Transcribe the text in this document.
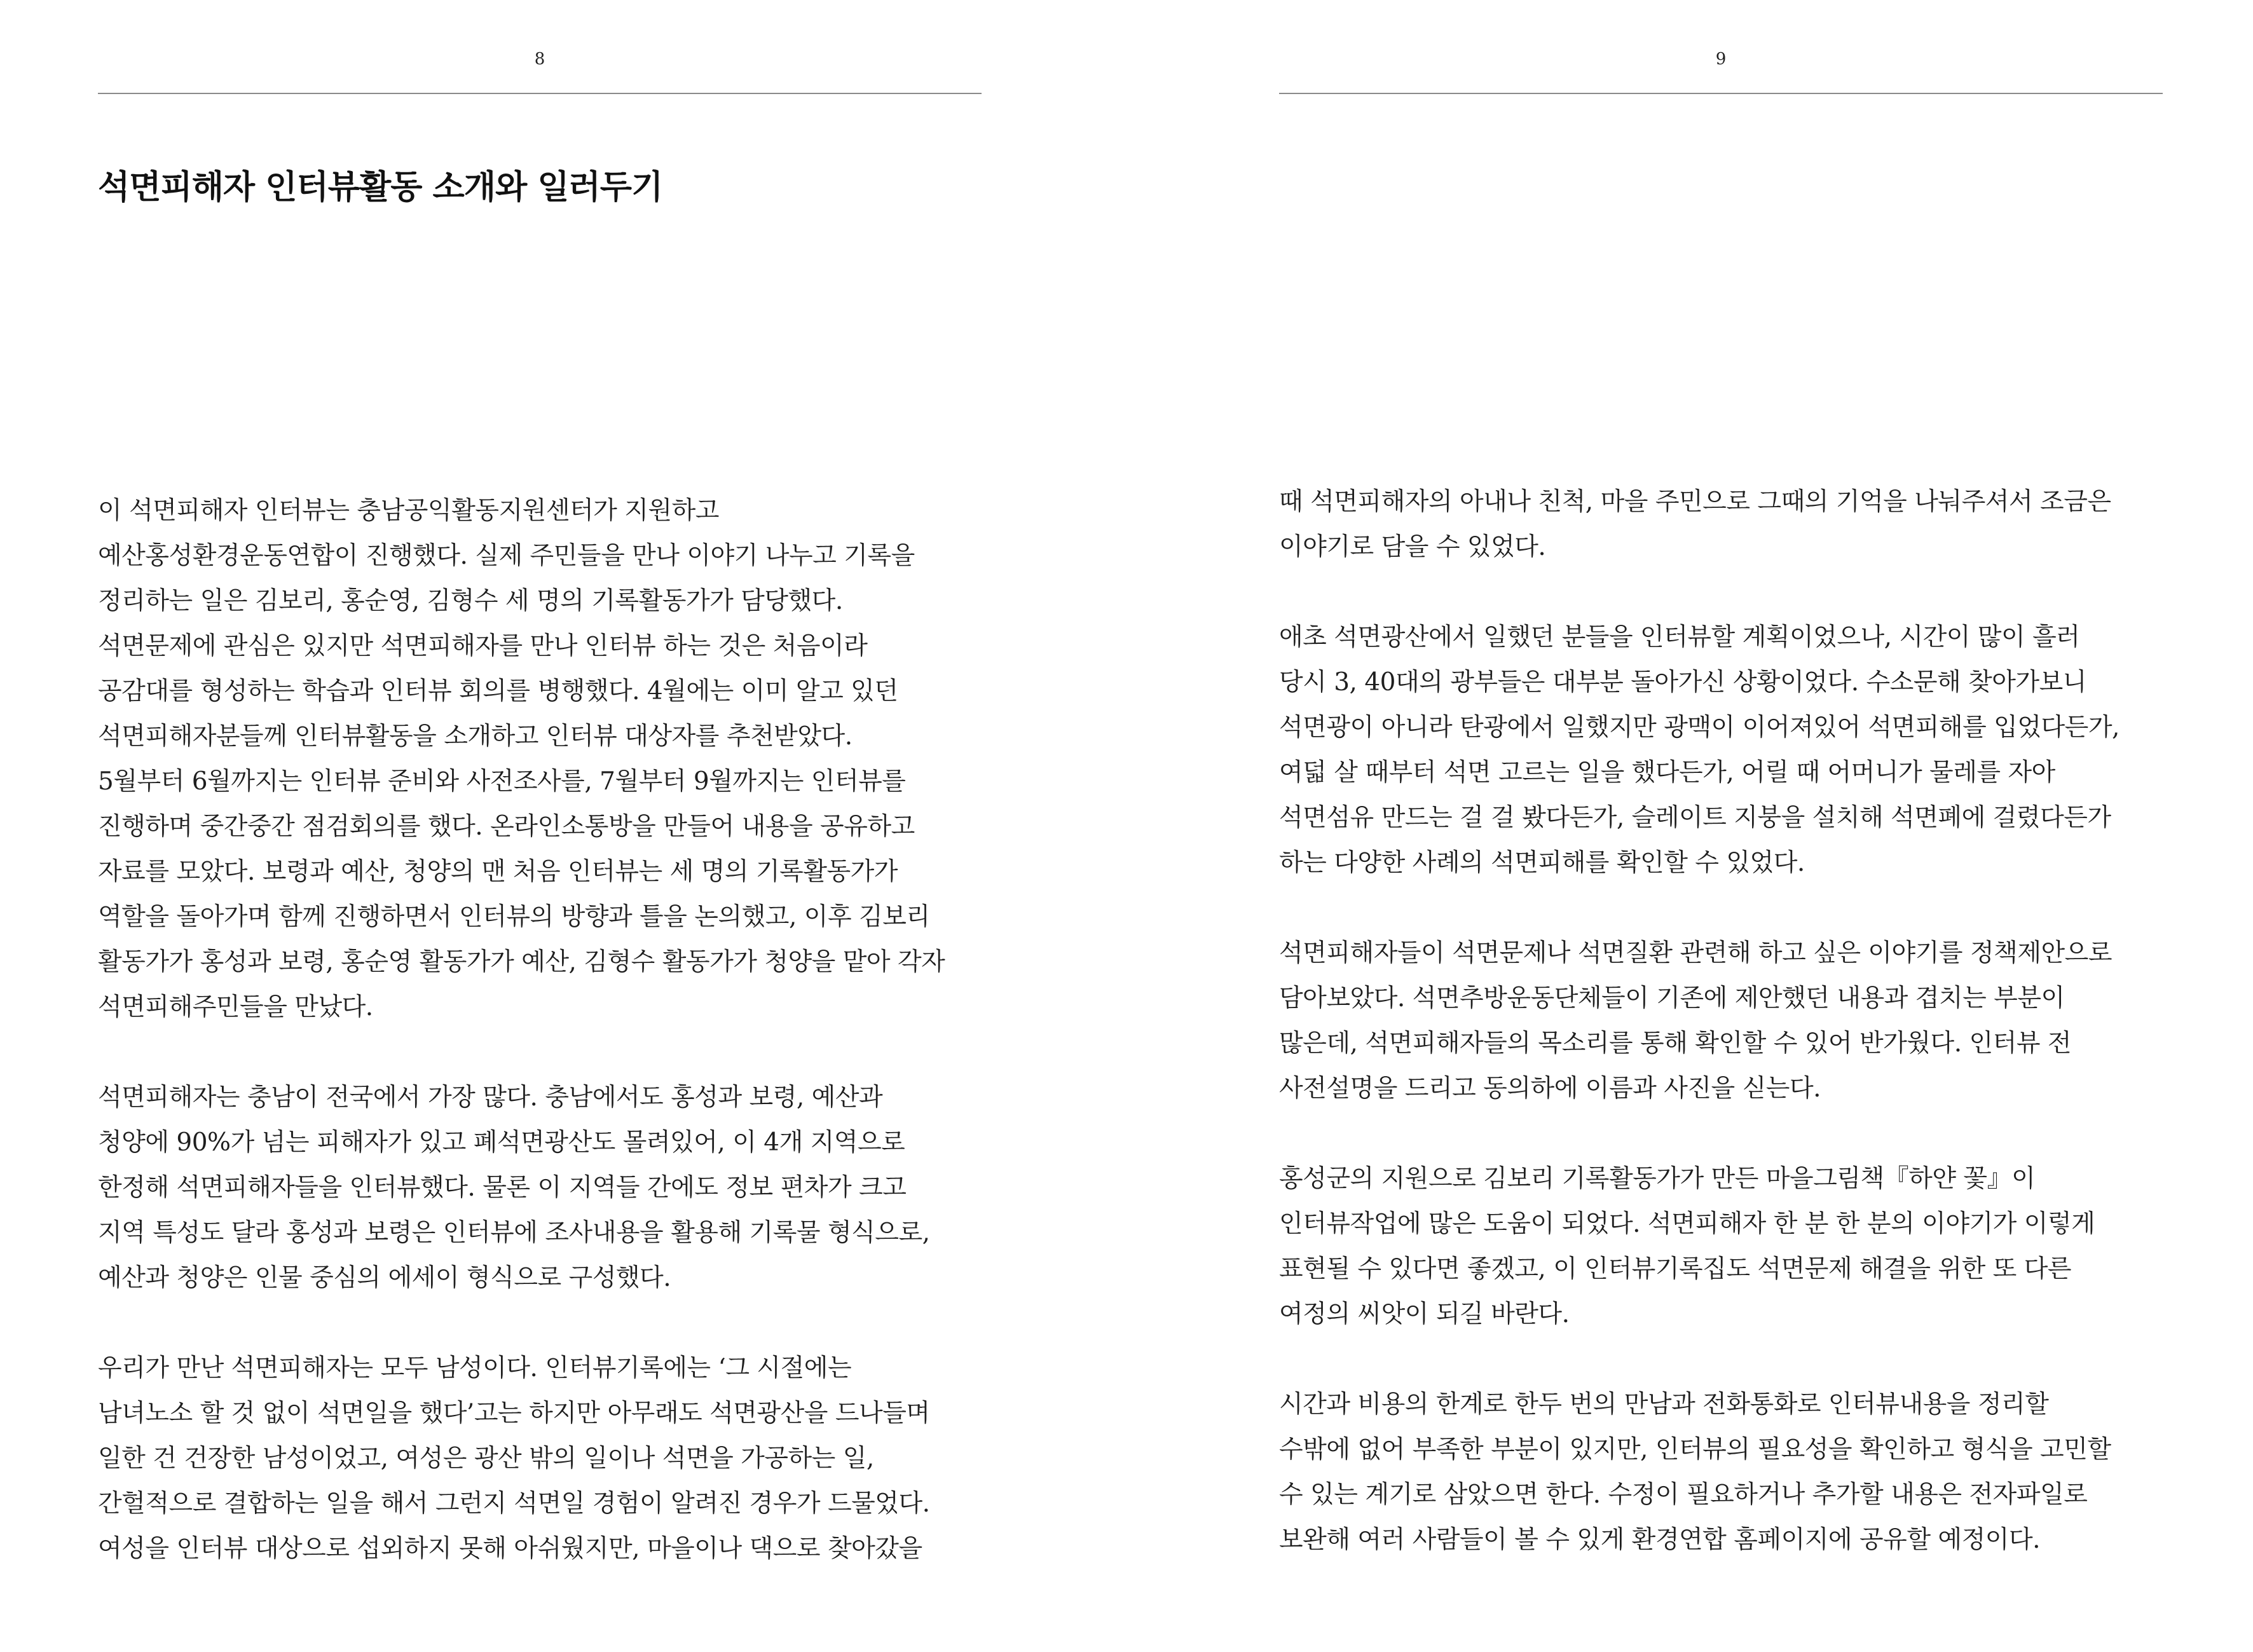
8
석면피해자 인터뷰활동 소개와 일러두기
이 석면피해자 인터뷰는 충남공익활동지원센터가 지원하고
예산홍성환경운동연합이 진행했다. 실제 주민들을 만나 이야기 나누고 기록을
정리하는 일은 김보리, 홍순영, 김형수 세 명의 기록활동가가 담당했다.
석면문제에 관심은 있지만 석면피해자를 만나 인터뷰 하는 것은 처음이라
공감대를 형성하는 학습과 인터뷰 회의를 병행했다. 4월에는 이미 알고 있던
석면피해자분들께 인터뷰활동을 소개하고 인터뷰 대상자를 추천받았다.
5월부터 6월까지는 인터뷰 준비와 사전조사를, 7월부터 9월까지는 인터뷰를
진행하며 중간중간 점검회의를 했다. 온라인소통방을 만들어 내용을 공유하고
자료를 모았다. 보령과 예산, 청양의 맨 처음 인터뷰는 세 명의 기록활동가가
역할을 돌아가며 함께 진행하면서 인터뷰의 방향과 틀을 논의했고, 이후 김보리
활동가가 홍성과 보령, 홍순영 활동가가 예산, 김형수 활동가가 청양을 맡아 각자
석면피해주민들을 만났다.
석면피해자는 충남이 전국에서 가장 많다. 충남에서도 홍성과 보령, 예산과
청양에 90%가 넘는 피해자가 있고 폐석면광산도 몰려있어, 이 4개 지역으로
한정해 석면피해자들을 인터뷰했다. 물론 이 지역들 간에도 정보 편차가 크고
지역 특성도 달라 홍성과 보령은 인터뷰에 조사내용을 활용해 기록물 형식으로,
예산과 청양은 인물 중심의 에세이 형식으로 구성했다.
우리가 만난 석면피해자는 모두 남성이다. 인터뷰기록에는 ‘그 시절에는
남녀노소 할 것 없이 석면일을 했다’고는 하지만 아무래도 석면광산을 드나들며
일한 건 건장한 남성이었고, 여성은 광산 밖의 일이나 석면을 가공하는 일,
간헐적으로 결합하는 일을 해서 그런지 석면일 경험이 알려진 경우가 드물었다.
여성을 인터뷰 대상으로 섭외하지 못해 아쉬웠지만, 마을이나 댁으로 찾아갔을
9
때 석면피해자의 아내나 친척, 마을 주민으로 그때의 기억을 나눠주셔서 조금은
이야기로 담을 수 있었다.
애초 석면광산에서 일했던 분들을 인터뷰할 계획이었으나, 시간이 많이 흘러
당시 3, 40대의 광부들은 대부분 돌아가신 상황이었다. 수소문해 찾아가보니
석면광이 아니라 탄광에서 일했지만 광맥이 이어져있어 석면피해를 입었다든가,
여덟 살 때부터 석면 고르는 일을 했다든가, 어릴 때 어머니가 물레를 자아
석면섬유 만드는 걸 걸 봤다든가, 슬레이트 지붕을 설치해 석면폐에 걸렸다든가
하는 다양한 사례의 석면피해를 확인할 수 있었다.
석면피해자들이 석면문제나 석면질환 관련해 하고 싶은 이야기를 정책제안으로
담아보았다. 석면추방운동단체들이 기존에 제안했던 내용과 겹치는 부분이
많은데, 석면피해자들의 목소리를 통해 확인할 수 있어 반가웠다. 인터뷰 전
사전설명을 드리고 동의하에 이름과 사진을 싣는다.
홍성군의 지원으로 김보리 기록활동가가 만든 마을그림책『하얀 꽃』이
인터뷰작업에 많은 도움이 되었다. 석면피해자 한 분 한 분의 이야기가 이렇게
표현될 수 있다면 좋겠고, 이 인터뷰기록집도 석면문제 해결을 위한 또 다른
여정의 씨앗이 되길 바란다.
시간과 비용의 한계로 한두 번의 만남과 전화통화로 인터뷰내용을 정리할
수밖에 없어 부족한 부분이 있지만, 인터뷰의 필요성을 확인하고 형식을 고민할
수 있는 계기로 삼았으면 한다. 수정이 필요하거나 추가할 내용은 전자파일로
보완해 여러 사람들이 볼 수 있게 환경연합 홈페이지에 공유할 예정이다.
